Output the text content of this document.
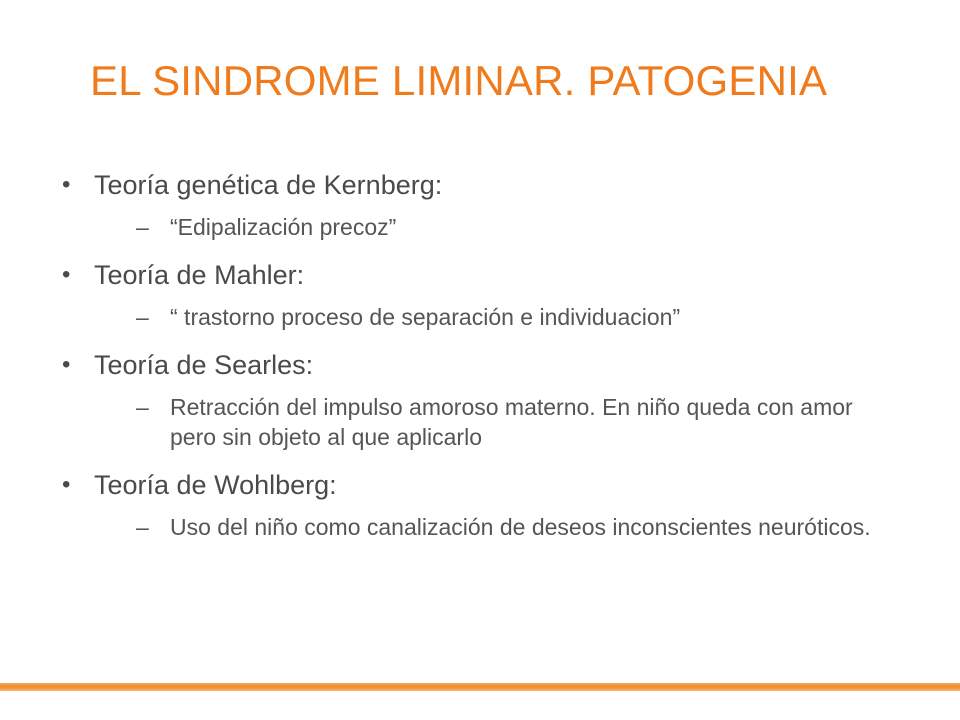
EL SINDROME LIMINAR. PATOGENIA
• Teoría genética de Kernberg:
– “Edipalización precoz”
• Teoría de Mahler:
– “ trastorno proceso de separación e individuacion”
• Teoría de Searles:
– Retracción del impulso amoroso materno. En niño queda con amor pero sin objeto al que aplicarlo
• Teoría de Wohlberg:
– Uso del niño como canalización de deseos inconscientes neuróticos.
